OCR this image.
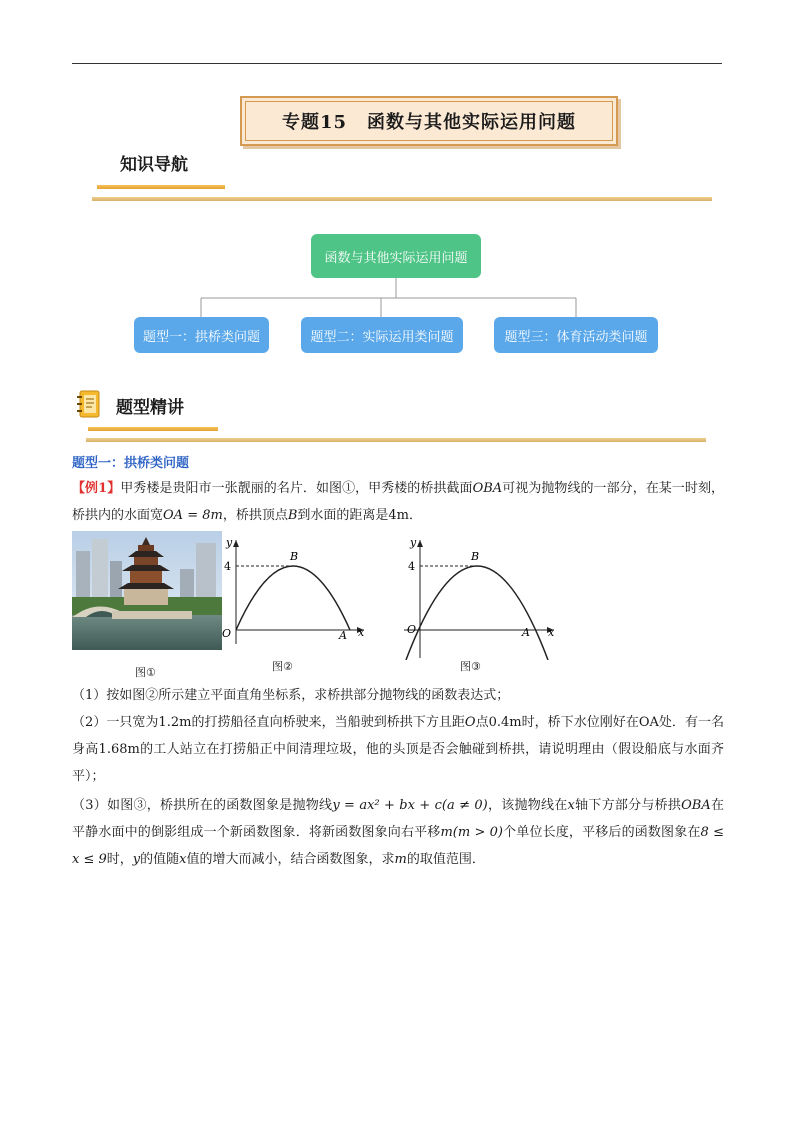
专题15 函数与其他实际运用问题
知识导航
函数与其他实际运用问题
题型一：拱桥类问题	题型二：实际运用类问题	题型三：体育活动类问题
题型精讲
题型一：拱桥类问题
【例1】甲秀楼是贵阳市一张靓丽的名片．如图①，甲秀楼的桥拱截面OBA可视为抛物线的一部分，在某一时刻，桥拱内的水面宽OA = 8m，桥拱顶点B到水面的距离是4m．
图①
y
4
B
O	A x
图②
y
4
B
O	A x
图③
（1）按如图②所示建立平面直角坐标系，求桥拱部分抛物线的函数表达式；
（2）一只宽为1.2m的打捞船径直向桥驶来，当船驶到桥拱下方且距O点0.4m时，桥下水位刚好在OA处．有一名身高1.68m的工人站立在打捞船正中间清理垃圾，他的头顶是否会触碰到桥拱，请说明理由（假设船底与水面齐平）；
（3）如图③，桥拱所在的函数图象是抛物线y = ax² + bx + c(a ≠ 0)，该抛物线在x轴下方部分与桥拱OBA在平静水面中的倒影组成一个新函数图象．将新函数图象向右平移m(m > 0)个单位长度，平移后的函数图象在8 ≤ x ≤ 9时，y的值随x值的增大而减小，结合函数图象，求m的取值范围．
